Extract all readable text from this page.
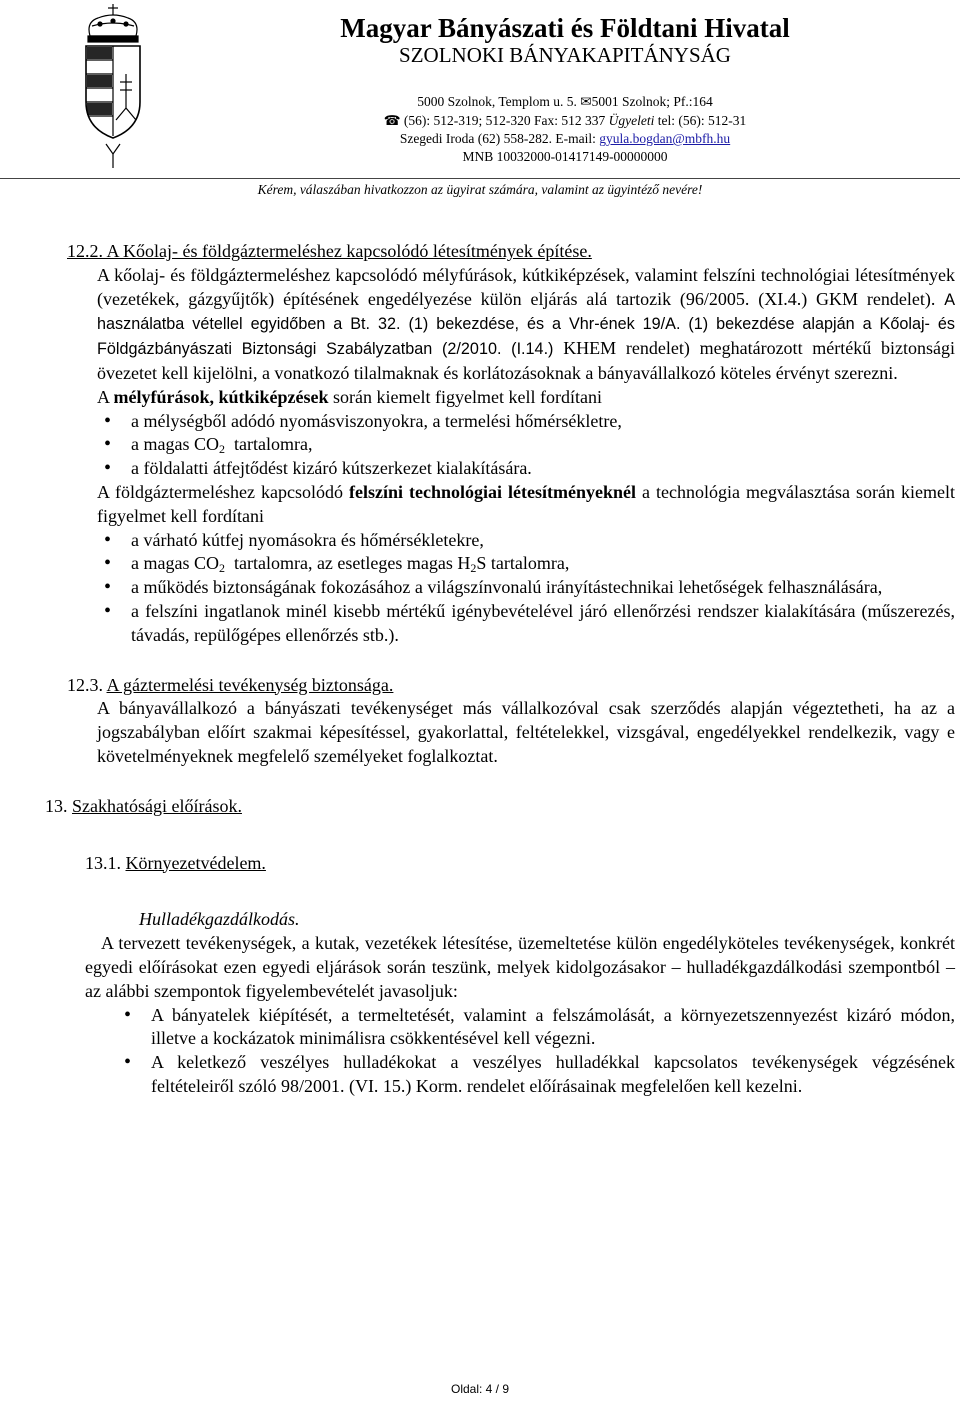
Magyar Bányászati és Földtani Hivatal
SZOLNOKI BÁNYAKAPITÁNYSÁG
5000 Szolnok, Templom u. 5. ✉5001 Szolnok; Pf.:164
☎ (56): 512-319; 512-320 Fax: 512 337 Ügyeleti tel: (56): 512-31
Szegedi Iroda (62) 558-282. E-mail: gyula.bogdan@mbfh.hu
MNB 10032000-01417149-00000000
Kérem, válaszában hivatkozzon az ügyirat számára, valamint az ügyintéző nevére!

12.2. A Kőolaj- és földgáztermeléshez kapcsolódó létesítmények építése.

A kőolaj- és földgáztermeléshez kapcsolódó mélyfúrások, kútkiképzések, valamint felszíni technológiai létesítmények (vezetékek, gázgyűjtők) építésének engedélyezése külön eljárás alá tartozik (96/2005. (XI.4.) GKM rendelet). A használatba vétellel egyidőben a Bt. 32. (1) bekezdése, és a Vhr-ének 19/A. (1) bekezdése alapján a Kőolaj- és Földgázbányászati Biztonsági Szabályzatban (2/2010. (I.14.) KHEM rendelet) meghatározott mértékű biztonsági övezetet kell kijelölni, a vonatkozó tilalmaknak és korlátozásoknak a bányavállalkozó köteles érvényt szerezni.

A mélyfúrások, kútkiképzések során kiemelt figyelmet kell fordítani

• a mélységből adódó nyomásviszonyokra, a termelési hőmérsékletre,
• a magas $CO_2$ tartalomra,
• a földalatti átfejtődést kizáró kútszerkezet kialakítására.

A földgáztermeléshez kapcsolódó felszíni technológiai létesítményeknél a technológia megválasztása során kiemelt figyelmet kell fordítani

• a várható kútfej nyomásokra és hőmérsékletekre,
• a magas $CO_2$ tartalomra, az esetleges magas $H_2S$ tartalomra,
• a működés biztonságának fokozásához a világszínvonalú irányítástechnikai lehetőségek felhasználására,
• a felszíni ingatlanok minél kisebb mértékű igénybevételével járó ellenőrzési rendszer kialakítására (műszerezés, távadás, repülőgépes ellenőrzés stb.).

12.3. A gáztermelési tevékenység biztonsága.

A bányavállalkozó a bányászati tevékenységet más vállalkozóval csak szerződés alapján végeztetheti, ha az a jogszabályban előírt szakmai képesítéssel, gyakorlattal, feltételekkel, vizsgával, engedélyekkel rendelkezik, vagy e követelményeknek megfelelő személyeket foglalkoztat.

13. Szakhatósági előírások.

13.1. Környezetvédelem.

Hulladékgazdálkodás.

A tervezett tevékenységek, a kutak, vezetékek létesítése, üzemeltetése külön engedélyköteles tevékenységek, konkrét egyedi előírásokat ezen egyedi eljárások során teszünk, melyek kidolgozásakor – hulladékgazdálkodási szempontból –az alábbi szempontok figyelembevételét javasoljuk:

• A bányatelek kiépítését, a termeltetését, valamint a felszámolását, a környezetszennyezést kizáró módon, illetve a kockázatok minimálisra csökkentésével kell végezni.
• A keletkező veszélyes hulladékokat a veszélyes hulladékkal kapcsolatos tevékenységek végzésének feltételeiről szóló 98/2001. (VI. 15.) Korm. rendelet előírásainak megfelelően kell kezelni.
Oldal: 4 / 9
